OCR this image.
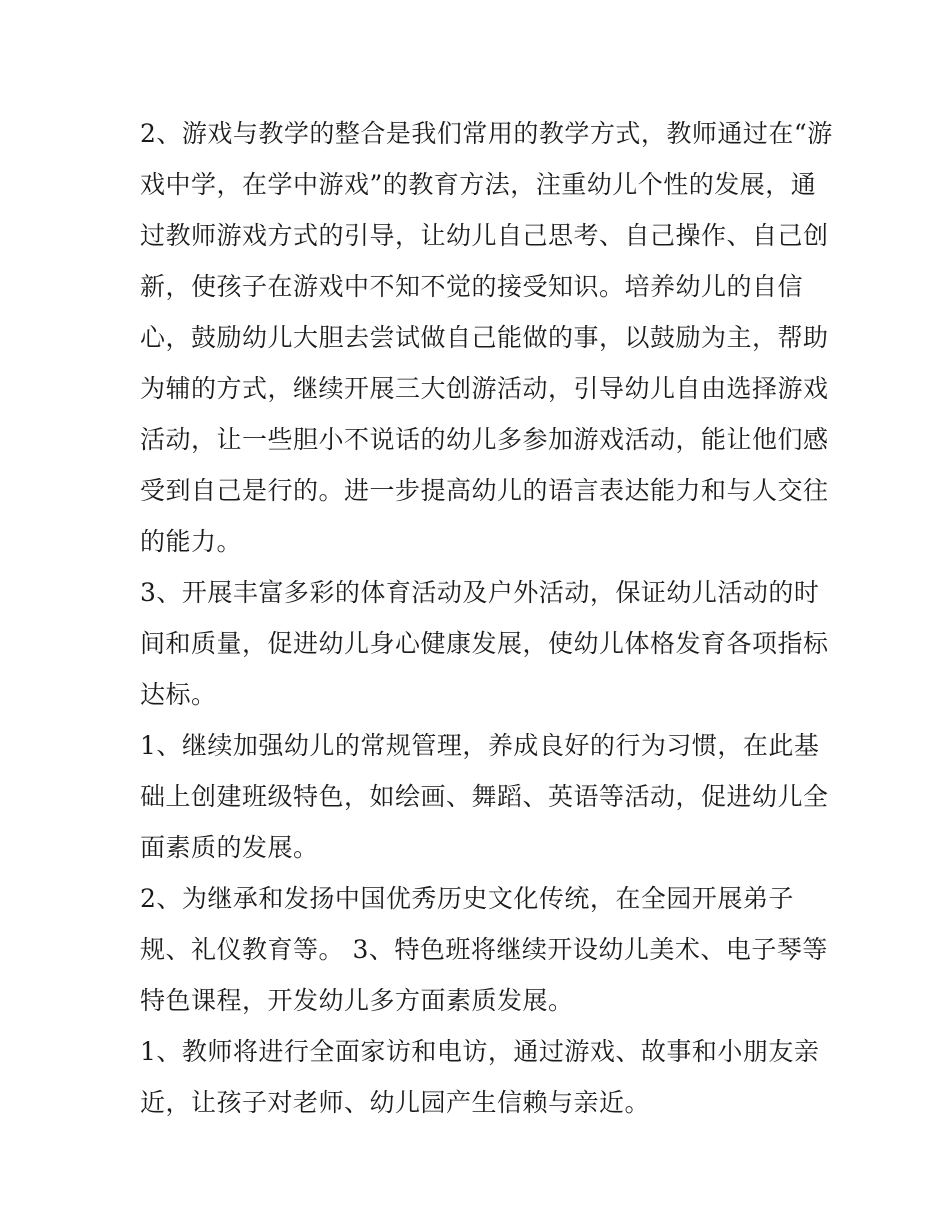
2、游戏与教学的整合是我们常用的教学方式，教师通过在“游
戏中学，在学中游戏”的教育方法，注重幼儿个性的发展，通
过教师游戏方式的引导，让幼儿自己思考、自己操作、自己创
新，使孩子在游戏中不知不觉的接受知识。培养幼儿的自信
心，鼓励幼儿大胆去尝试做自己能做的事，以鼓励为主，帮助
为辅的方式，继续开展三大创游活动，引导幼儿自由选择游戏
活动，让一些胆小不说话的幼儿多参加游戏活动，能让他们感
受到自己是行的。进一步提高幼儿的语言表达能力和与人交往
的能力。
3、开展丰富多彩的体育活动及户外活动，保证幼儿活动的时
间和质量，促进幼儿身心健康发展，使幼儿体格发育各项指标
达标。
1、继续加强幼儿的常规管理，养成良好的行为习惯，在此基
础上创建班级特色，如绘画、舞蹈、英语等活动，促进幼儿全
面素质的发展。
2、为继承和发扬中国优秀历史文化传统，在全园开展弟子
规、礼仪教育等。 3、特色班将继续开设幼儿美术、电子琴等
特色课程，开发幼儿多方面素质发展。
1、教师将进行全面家访和电访，通过游戏、故事和小朋友亲
近，让孩子对老师、幼儿园产生信赖与亲近。
